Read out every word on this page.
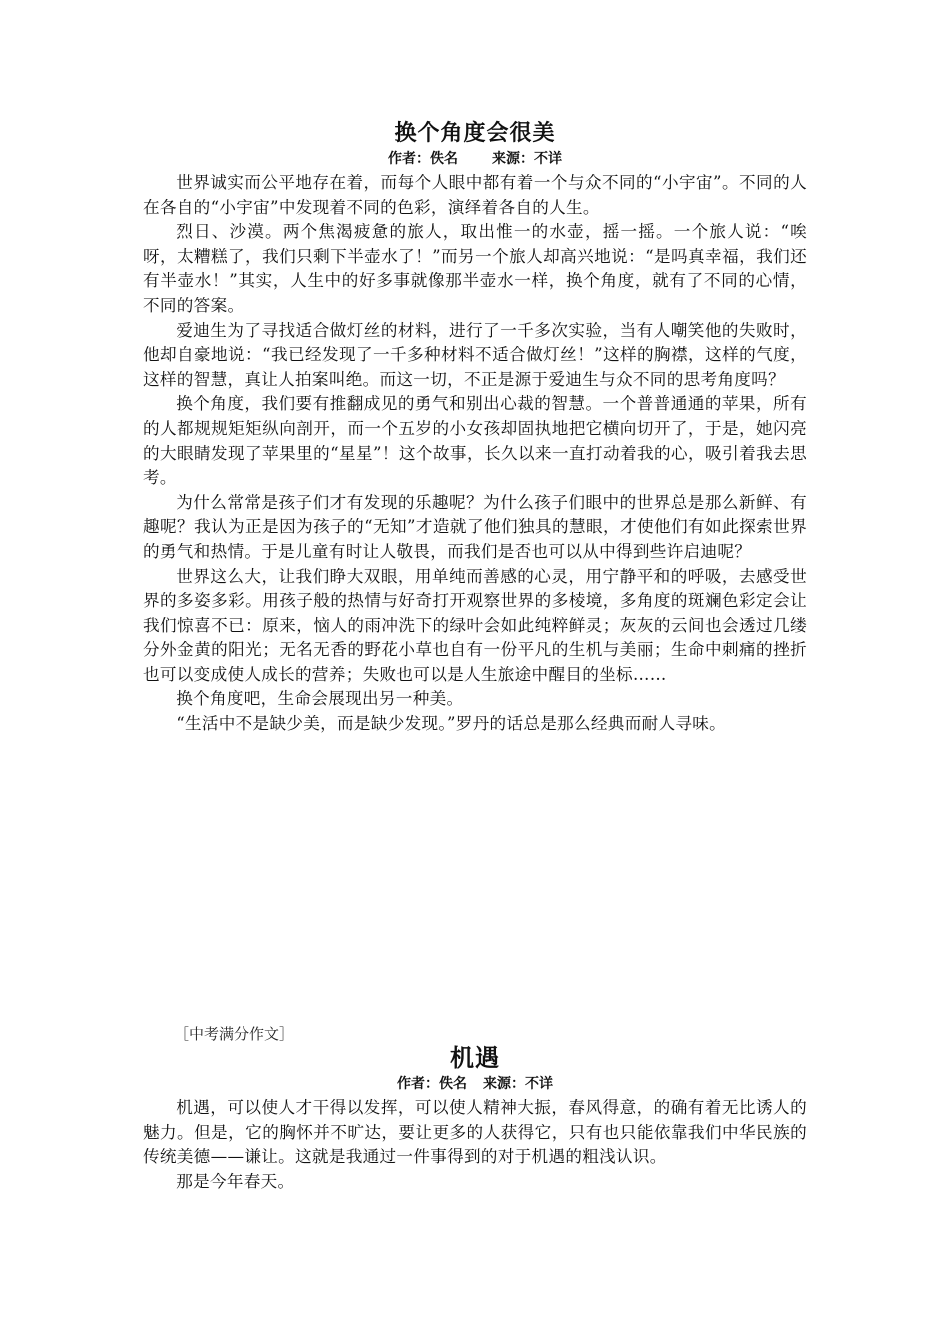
换个角度会很美

作者：佚名 来源：不详

世界诚实而公平地存在着，而每个人眼中都有着一个与众不同的“小宇宙”。不同的人在各自的“小宇宙”中发现着不同的色彩，演绎着各自的人生。

烈日、沙漠。两个焦渴疲惫的旅人，取出惟一的水壶，摇一摇。一个旅人说：“唉呀，太糟糕了，我们只剩下半壶水了！”而另一个旅人却高兴地说：“是吗真幸福，我们还有半壶水！”其实，人生中的好多事就像那半壶水一样，换个角度，就有了不同的心情，不同的答案。

爱迪生为了寻找适合做灯丝的材料，进行了一千多次实验，当有人嘲笑他的失败时，他却自豪地说：“我已经发现了一千多种材料不适合做灯丝！”这样的胸襟，这样的气度，这样的智慧，真让人拍案叫绝。而这一切，不正是源于爱迪生与众不同的思考角度吗？

换个角度，我们要有推翻成见的勇气和别出心裁的智慧。一个普普通通的苹果，所有的人都规规矩矩纵向剖开，而一个五岁的小女孩却固执地把它横向切开了，于是，她闪亮的大眼睛发现了苹果里的“星星”！这个故事，长久以来一直打动着我的心，吸引着我去思考。

为什么常常是孩子们才有发现的乐趣呢？为什么孩子们眼中的世界总是那么新鲜、有趣呢？我认为正是因为孩子的“无知”才造就了他们独具的慧眼，才使他们有如此探索世界的勇气和热情。于是儿童有时让人敬畏，而我们是否也可以从中得到些许启迪呢？

世界这么大，让我们睁大双眼，用单纯而善感的心灵，用宁静平和的呼吸，去感受世界的多姿多彩。用孩子般的热情与好奇打开观察世界的多棱境，多角度的斑斓色彩定会让我们惊喜不已：原来，恼人的雨冲洗下的绿叶会如此纯粹鲜灵；灰灰的云间也会透过几缕分外金黄的阳光；无名无香的野花小草也自有一份平凡的生机与美丽；生命中刺痛的挫折也可以变成使人成长的营养；失败也可以是人生旅途中醒目的坐标……

换个角度吧，生命会展现出另一种美。

“生活中不是缺少美，而是缺少发现。”罗丹的话总是那么经典而耐人寻味。

［中考满分作文］
机遇

作者：佚名 来源：不详

机遇，可以使人才干得以发挥，可以使人精神大振，春风得意，的确有着无比诱人的魅力。但是，它的胸怀并不旷达，要让更多的人获得它，只有也只能依靠我们中华民族的传统美德——谦让。这就是我通过一件事得到的对于机遇的粗浅认识。

那是今年春天。
